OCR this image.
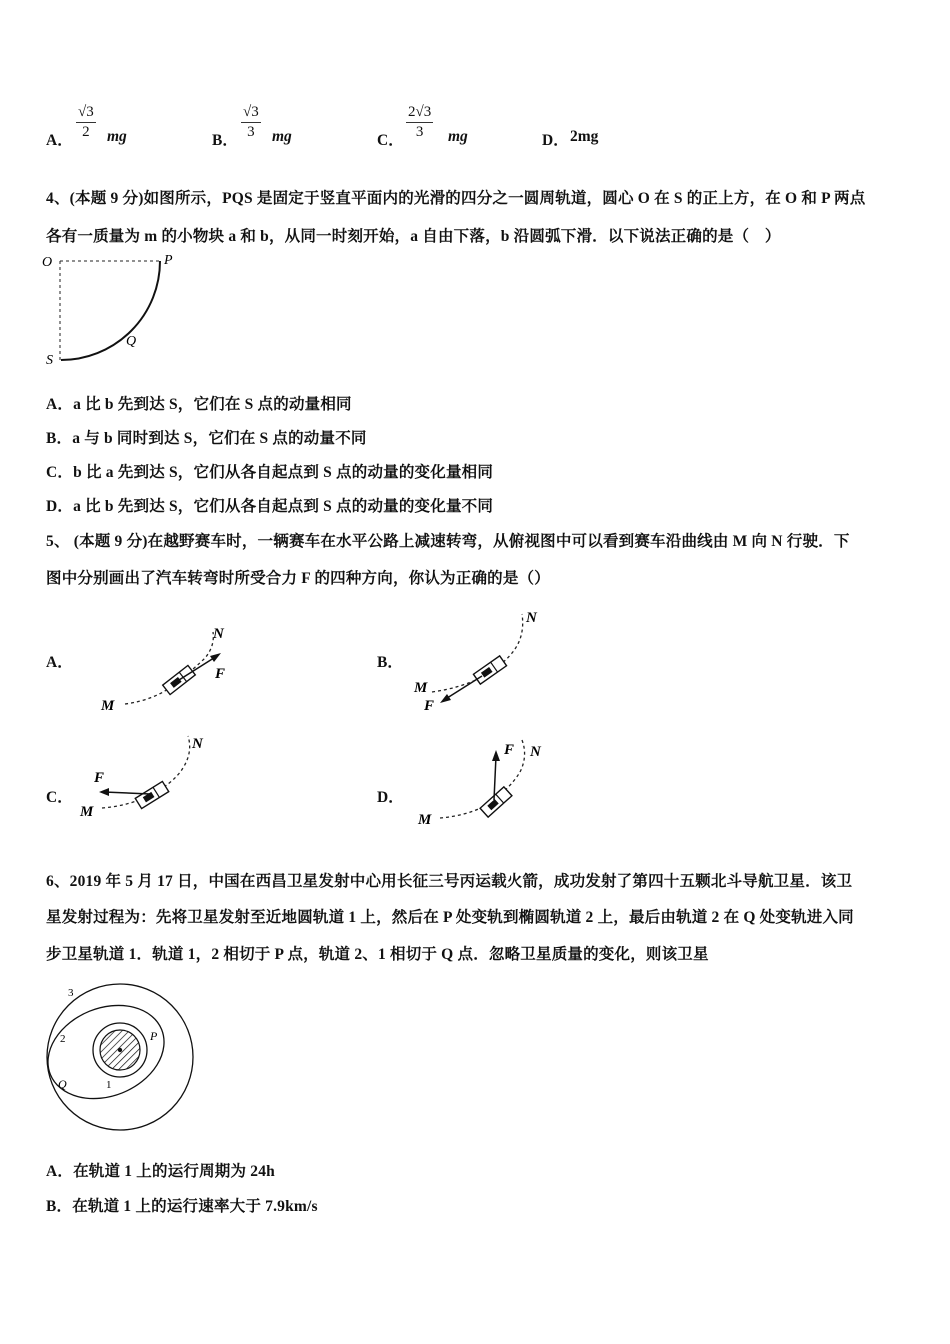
A．
√3
2	mg	B．
√3
3	mg	C．
2√3
3	mg	D． 2mg
4、(本题 9 分)如图所示，PQS 是固定于竖直平面内的光滑的四分之一圆周轨道，圆心 O 在 S 的正上方，在 O 和 P 两点
各有一质量为 m 的小物块 a 和 b，从同一时刻开始，a 自由下落，b 沿圆弧下滑．以下说法正确的是（　）
O	P
Q
S
A．a 比 b 先到达 S，它们在 S 点的动量相同
B．a 与 b 同时到达 S，它们在 S 点的动量不同
C．b 比 a 先到达 S，它们从各自起点到 S 点的动量的变化量相同
D．a 比 b 先到达 S，它们从各自起点到 S 点的动量的变化量不同
5、 (本题 9 分)在越野赛车时，一辆赛车在水平公路上减速转弯，从俯视图中可以看到赛车沿曲线由 M 向 N 行驶．下
图中分别画出了汽车转弯时所受合力 F 的四种方向，你认为正确的是（）
A．	B．
C．	D．
M
N
F
M
N
F
F
M
N	F N
M
6、2019 年 5 月 17 日，中国在西昌卫星发射中心用长征三号丙运载火箭，成功发射了第四十五颗北斗导航卫星．该卫
星发射过程为：先将卫星发射至近地圆轨道 1 上，然后在 P 处变轨到椭圆轨道 2 上，最后由轨道 2 在 Q 处变轨进入同
步卫星轨道 1．轨道 1，2 相切于 P 点，轨道 2、1 相切于 Q 点．忽略卫星质量的变化，则该卫星
3
2
1
P
Q
A．在轨道 1 上的运行周期为 24h
B．在轨道 1 上的运行速率大于 7.9km/s
